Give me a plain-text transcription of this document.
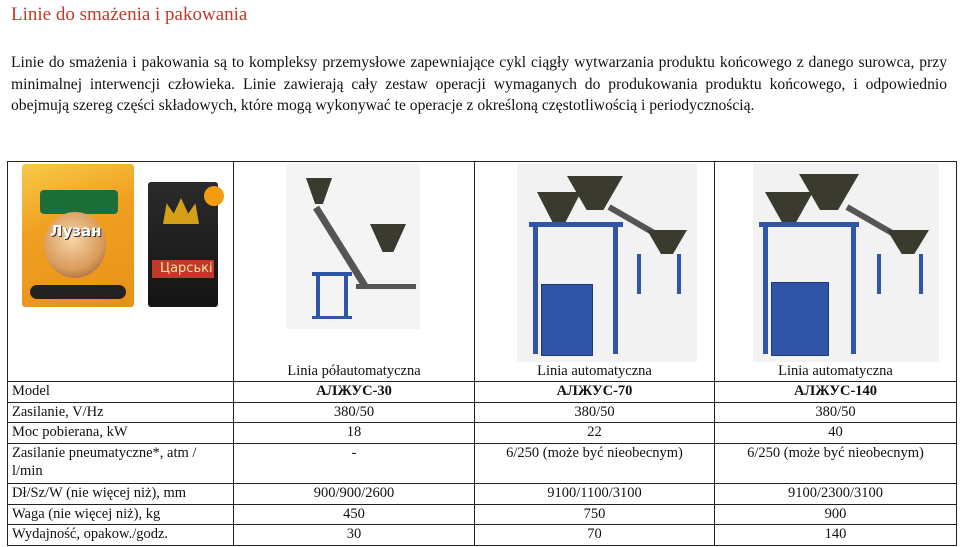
Linie do smażenia i pakowania

Linie do smażenia i pakowania są to kompleksy przemysłowe zapewniające cykl ciągły wytwarzania produktu końcowego z danego surowca, przy minimalnej interwencji człowieka. Linie zawierają cały zestaw operacji wymaganych do produkowania produktu końcowego, i odpowiednio obejmują szereg części składowych, które mogą wykonywać te operacje z określoną częstotliwością i periodycznością.

Лузан
Царські			

	Linia półautomatyczna	Linia automatyczna	Linia automatyczna
Model	АЛЖУС-30	АЛЖУС-70	АЛЖУС-140
Zasilanie, V/Hz	380/50	380/50	380/50
Moc pobierana, kW	18	22	40
Zasilanie pneumatyczne*, atm / l/min	-	6/250 (może być nieobecnym)	6/250 (może być nieobecnym)
Dł/Sz/W (nie więcej niż), mm	900/900/2600	9100/1100/3100	9100/2300/3100
Waga (nie więcej niż), kg	450	750	900
Wydajność, opakow./godz.	30	70	140
